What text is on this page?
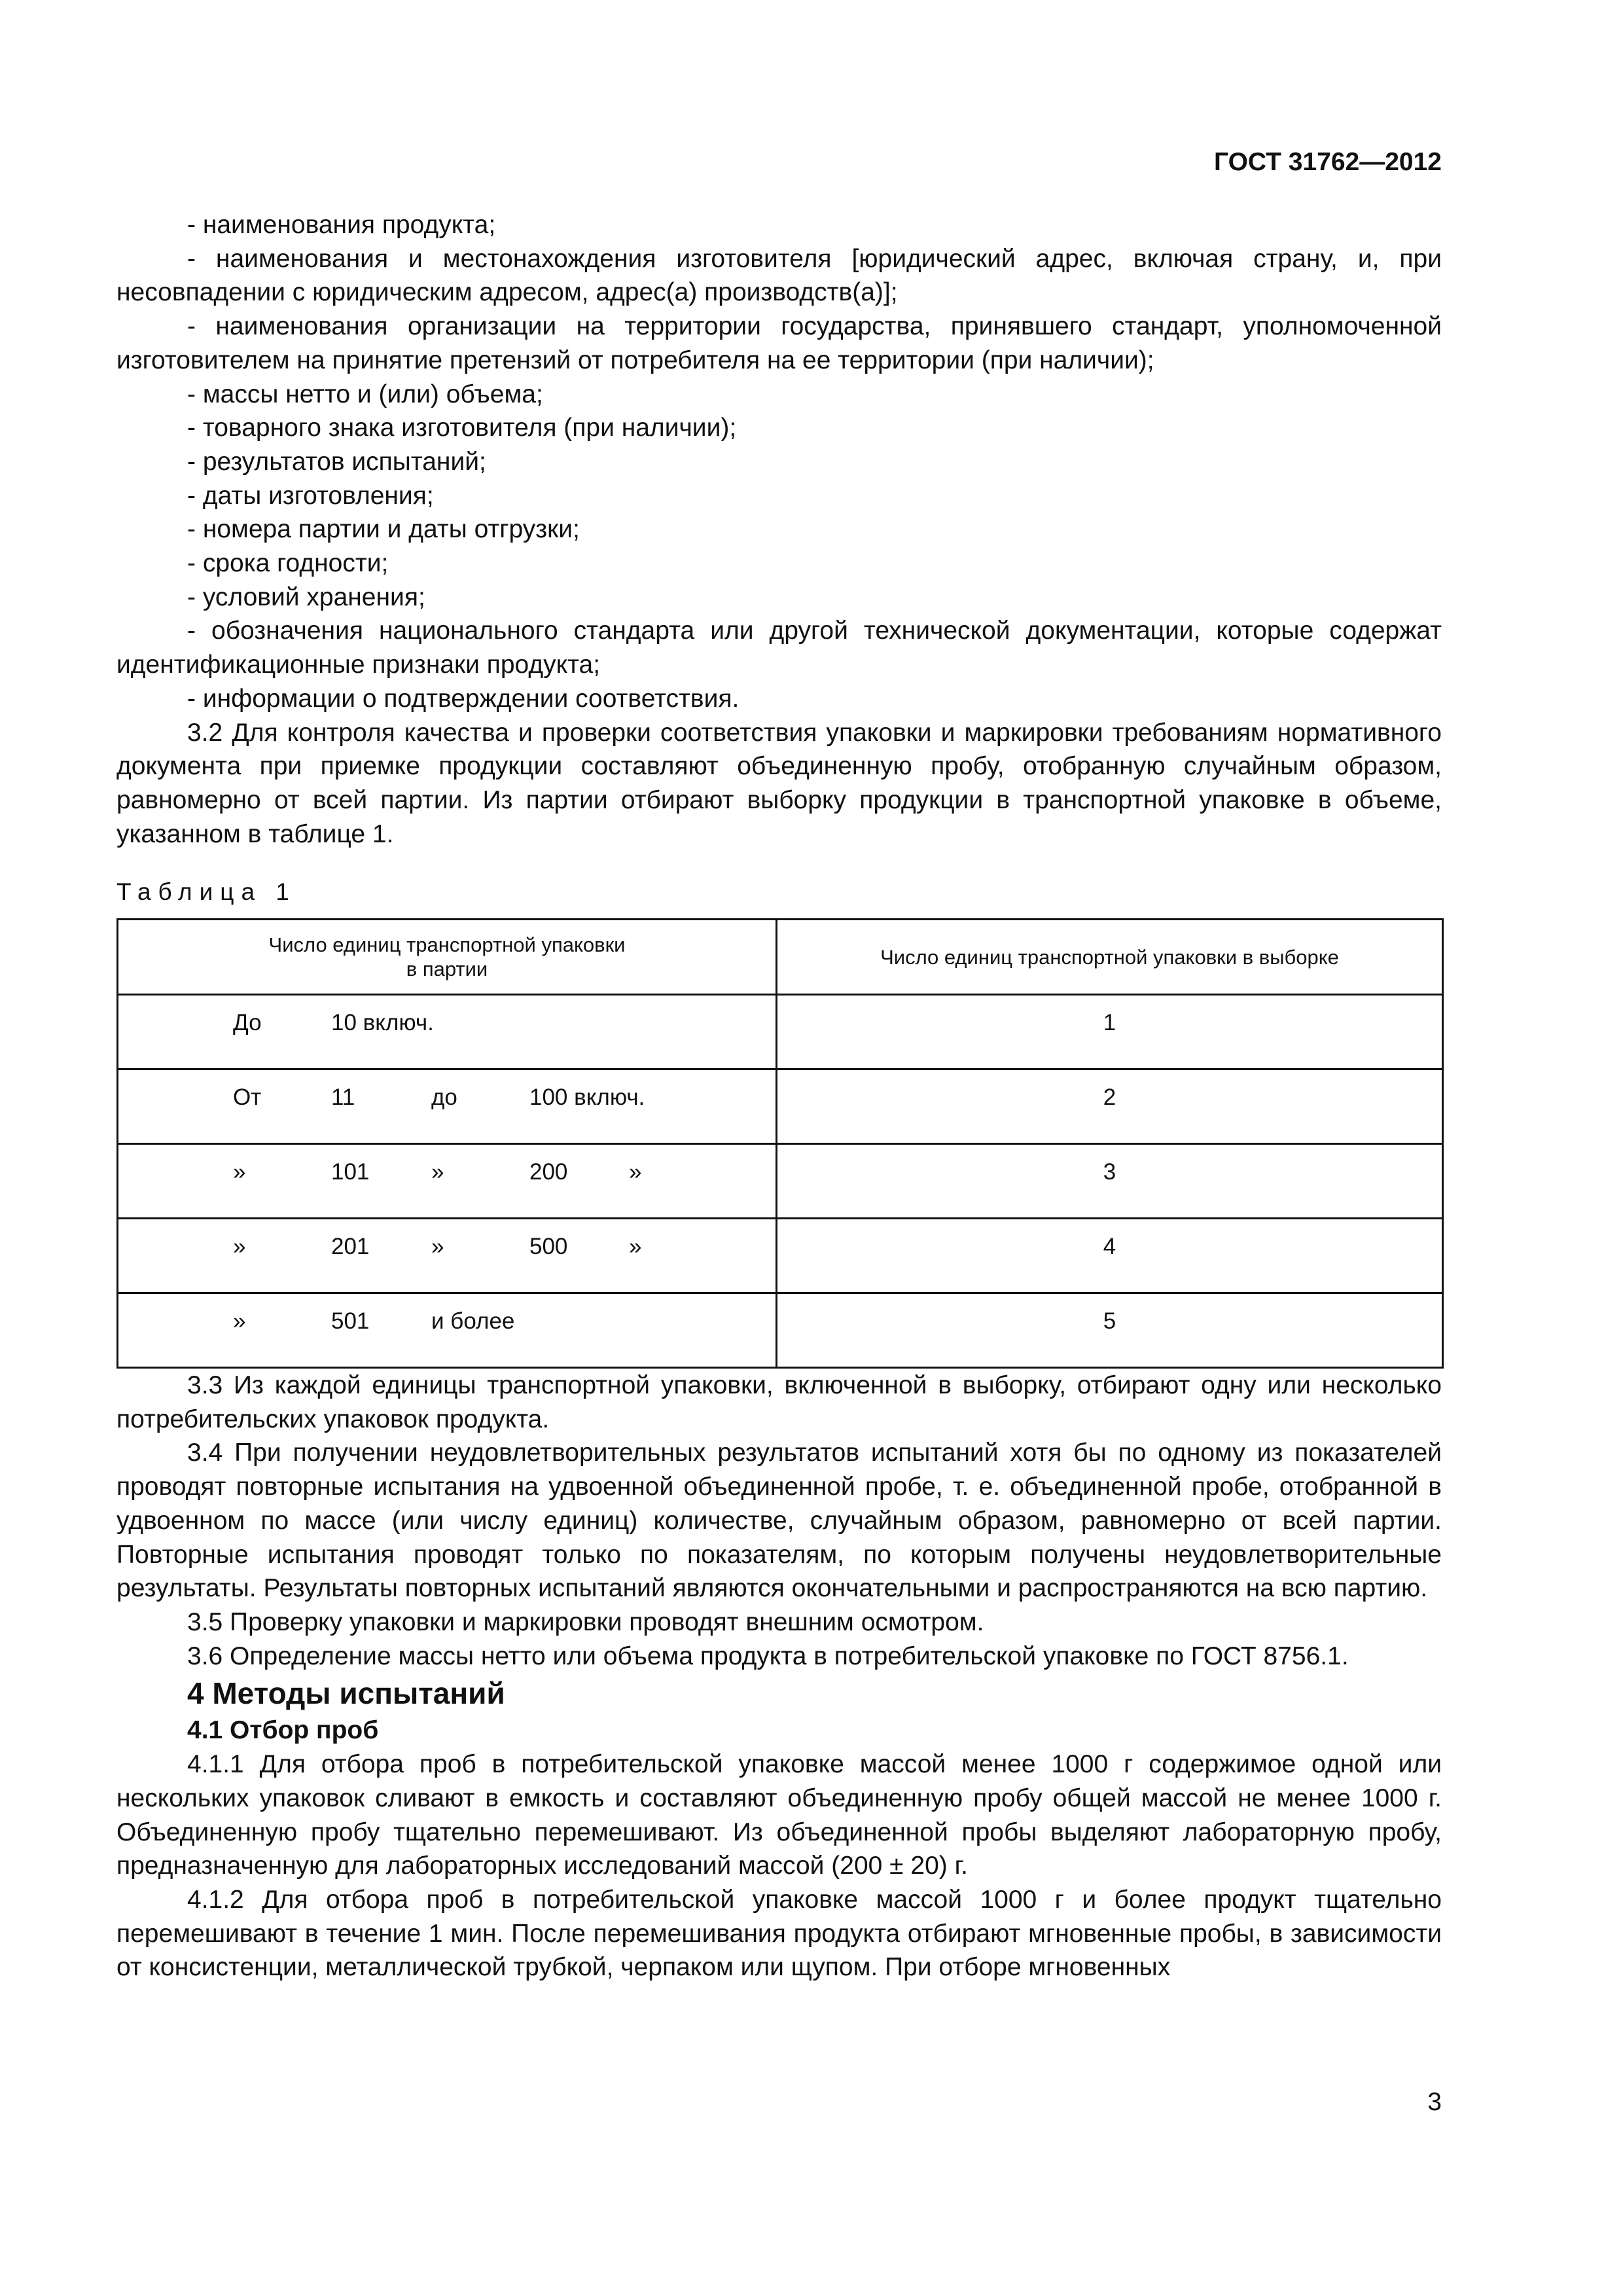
ГОСТ 31762—2012

- наименования продукта;

- наименования и местонахождения изготовителя [юридический адрес, включая страну, и, при несовпадении с юридическим адресом, адрес(а) производств(а)];

- наименования организации на территории государства, принявшего стандарт, уполномоченной изготовителем на принятие претензий от потребителя на ее территории (при наличии);

- массы нетто и (или) объема;

- товарного знака изготовителя (при наличии);

- результатов испытаний;

- даты изготовления;

- номера партии и даты отгрузки;

- срока годности;

- условий хранения;

- обозначения национального стандарта или другой технической документации, которые содержат идентификационные признаки продукта;

- информации о подтверждении соответствия.

3.2 Для контроля качества и проверки соответствия упаковки и маркировки требованиям нормативного документа при приемке продукции составляют объединенную пробу, отобранную случайным образом, равномерно от всей партии. Из партии отбирают выборку продукции в транспортной упаковке в объеме, указанном в таблице 1.

Таблица 1
Число единиц транспортной упаковки
в партии	Число единиц транспортной упаковки в выборке

До 10 включ.	1

От 11 до 100 включ.	2

» 101 » 200 »	3

» 201 » 500 »	4

» 501 и более	5

3.3 Из каждой единицы транспортной упаковки, включенной в выборку, отбирают одну или несколько потребительских упаковок продукта.

3.4 При получении неудовлетворительных результатов испытаний хотя бы по одному из показателей проводят повторные испытания на удвоенной объединенной пробе, т. е. объединенной пробе, отобранной в удвоенном по массе (или числу единиц) количестве, случайным образом, равномерно от всей партии. Повторные испытания проводят только по показателям, по которым получены неудовлетворительные результаты. Результаты повторных испытаний являются окончательными и распространяются на всю партию.

3.5 Проверку упаковки и маркировки проводят внешним осмотром.

3.6 Определение массы нетто или объема продукта в потребительской упаковке по ГОСТ 8756.1.

4 Методы испытаний

4.1 Отбор проб

4.1.1 Для отбора проб в потребительской упаковке массой менее 1000 г содержимое одной или нескольких упаковок сливают в емкость и составляют объединенную пробу общей массой не менее 1000 г. Объединенную пробу тщательно перемешивают. Из объединенной пробы выделяют лабораторную пробу, предназначенную для лабораторных исследований массой (200 ± 20) г.

4.1.2 Для отбора проб в потребительской упаковке массой 1000 г и более продукт тщательно перемешивают в течение 1 мин. После перемешивания продукта отбирают мгновенные пробы, в зависимости от консистенции, металлической трубкой, черпаком или щупом. При отборе мгновенных

3
